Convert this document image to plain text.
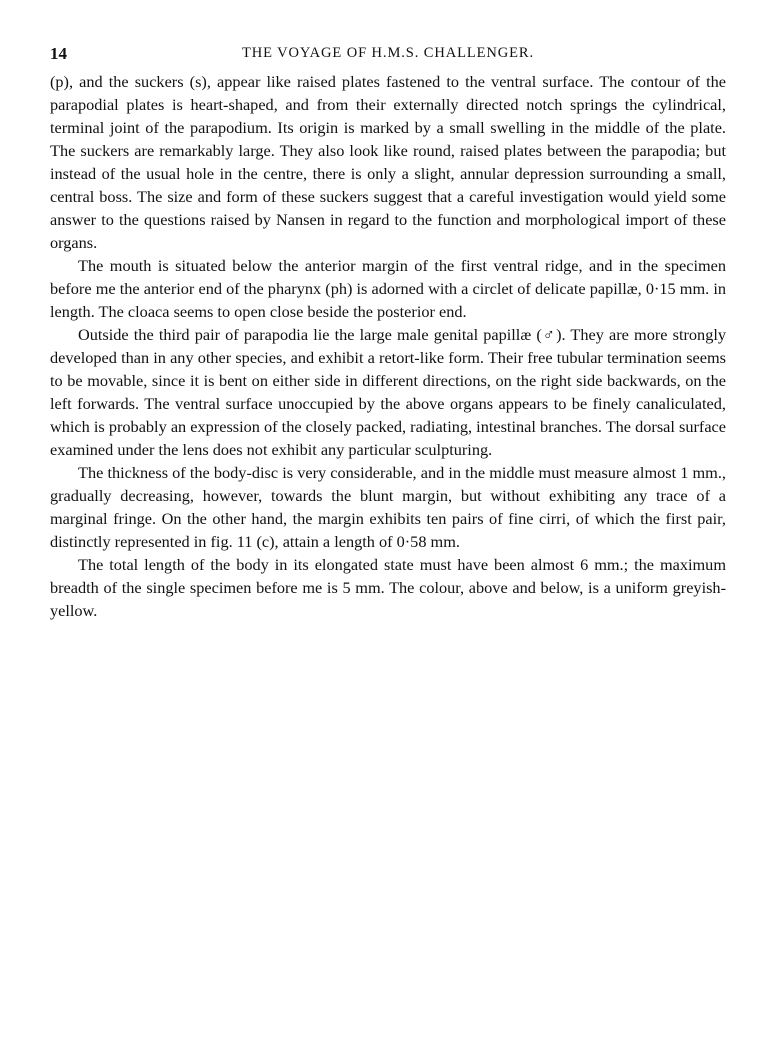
14	THE VOYAGE OF H.M.S. CHALLENGER.

(p), and the suckers (s), appear like raised plates fastened to the ventral surface. The contour of the parapodial plates is heart-shaped, and from their externally directed notch springs the cylindrical, terminal joint of the parapodium. Its origin is marked by a small swelling in the middle of the plate. The suckers are remarkably large. They also look like round, raised plates between the parapodia; but instead of the usual hole in the centre, there is only a slight, annular depression surrounding a small, central boss. The size and form of these suckers suggest that a careful investigation would yield some answer to the questions raised by Nansen in regard to the function and morphological import of these organs.

The mouth is situated below the anterior margin of the first ventral ridge, and in the specimen before me the anterior end of the pharynx (ph) is adorned with a circlet of delicate papillæ, 0·15 mm. in length. The cloaca seems to open close beside the posterior end.

Outside the third pair of parapodia lie the large male genital papillæ (♂). They are more strongly developed than in any other species, and exhibit a retort-like form. Their free tubular termination seems to be movable, since it is bent on either side in different directions, on the right side backwards, on the left forwards. The ventral surface unoccupied by the above organs appears to be finely canaliculated, which is probably an expression of the closely packed, radiating, intestinal branches. The dorsal surface examined under the lens does not exhibit any particular sculpturing.

The thickness of the body-disc is very considerable, and in the middle must measure almost 1 mm., gradually decreasing, however, towards the blunt margin, but without exhibiting any trace of a marginal fringe. On the other hand, the margin exhibits ten pairs of fine cirri, of which the first pair, distinctly represented in fig. 11 (c), attain a length of 0·58 mm.

The total length of the body in its elongated state must have been almost 6 mm.; the maximum breadth of the single specimen before me is 5 mm. The colour, above and below, is a uniform greyish-yellow.
